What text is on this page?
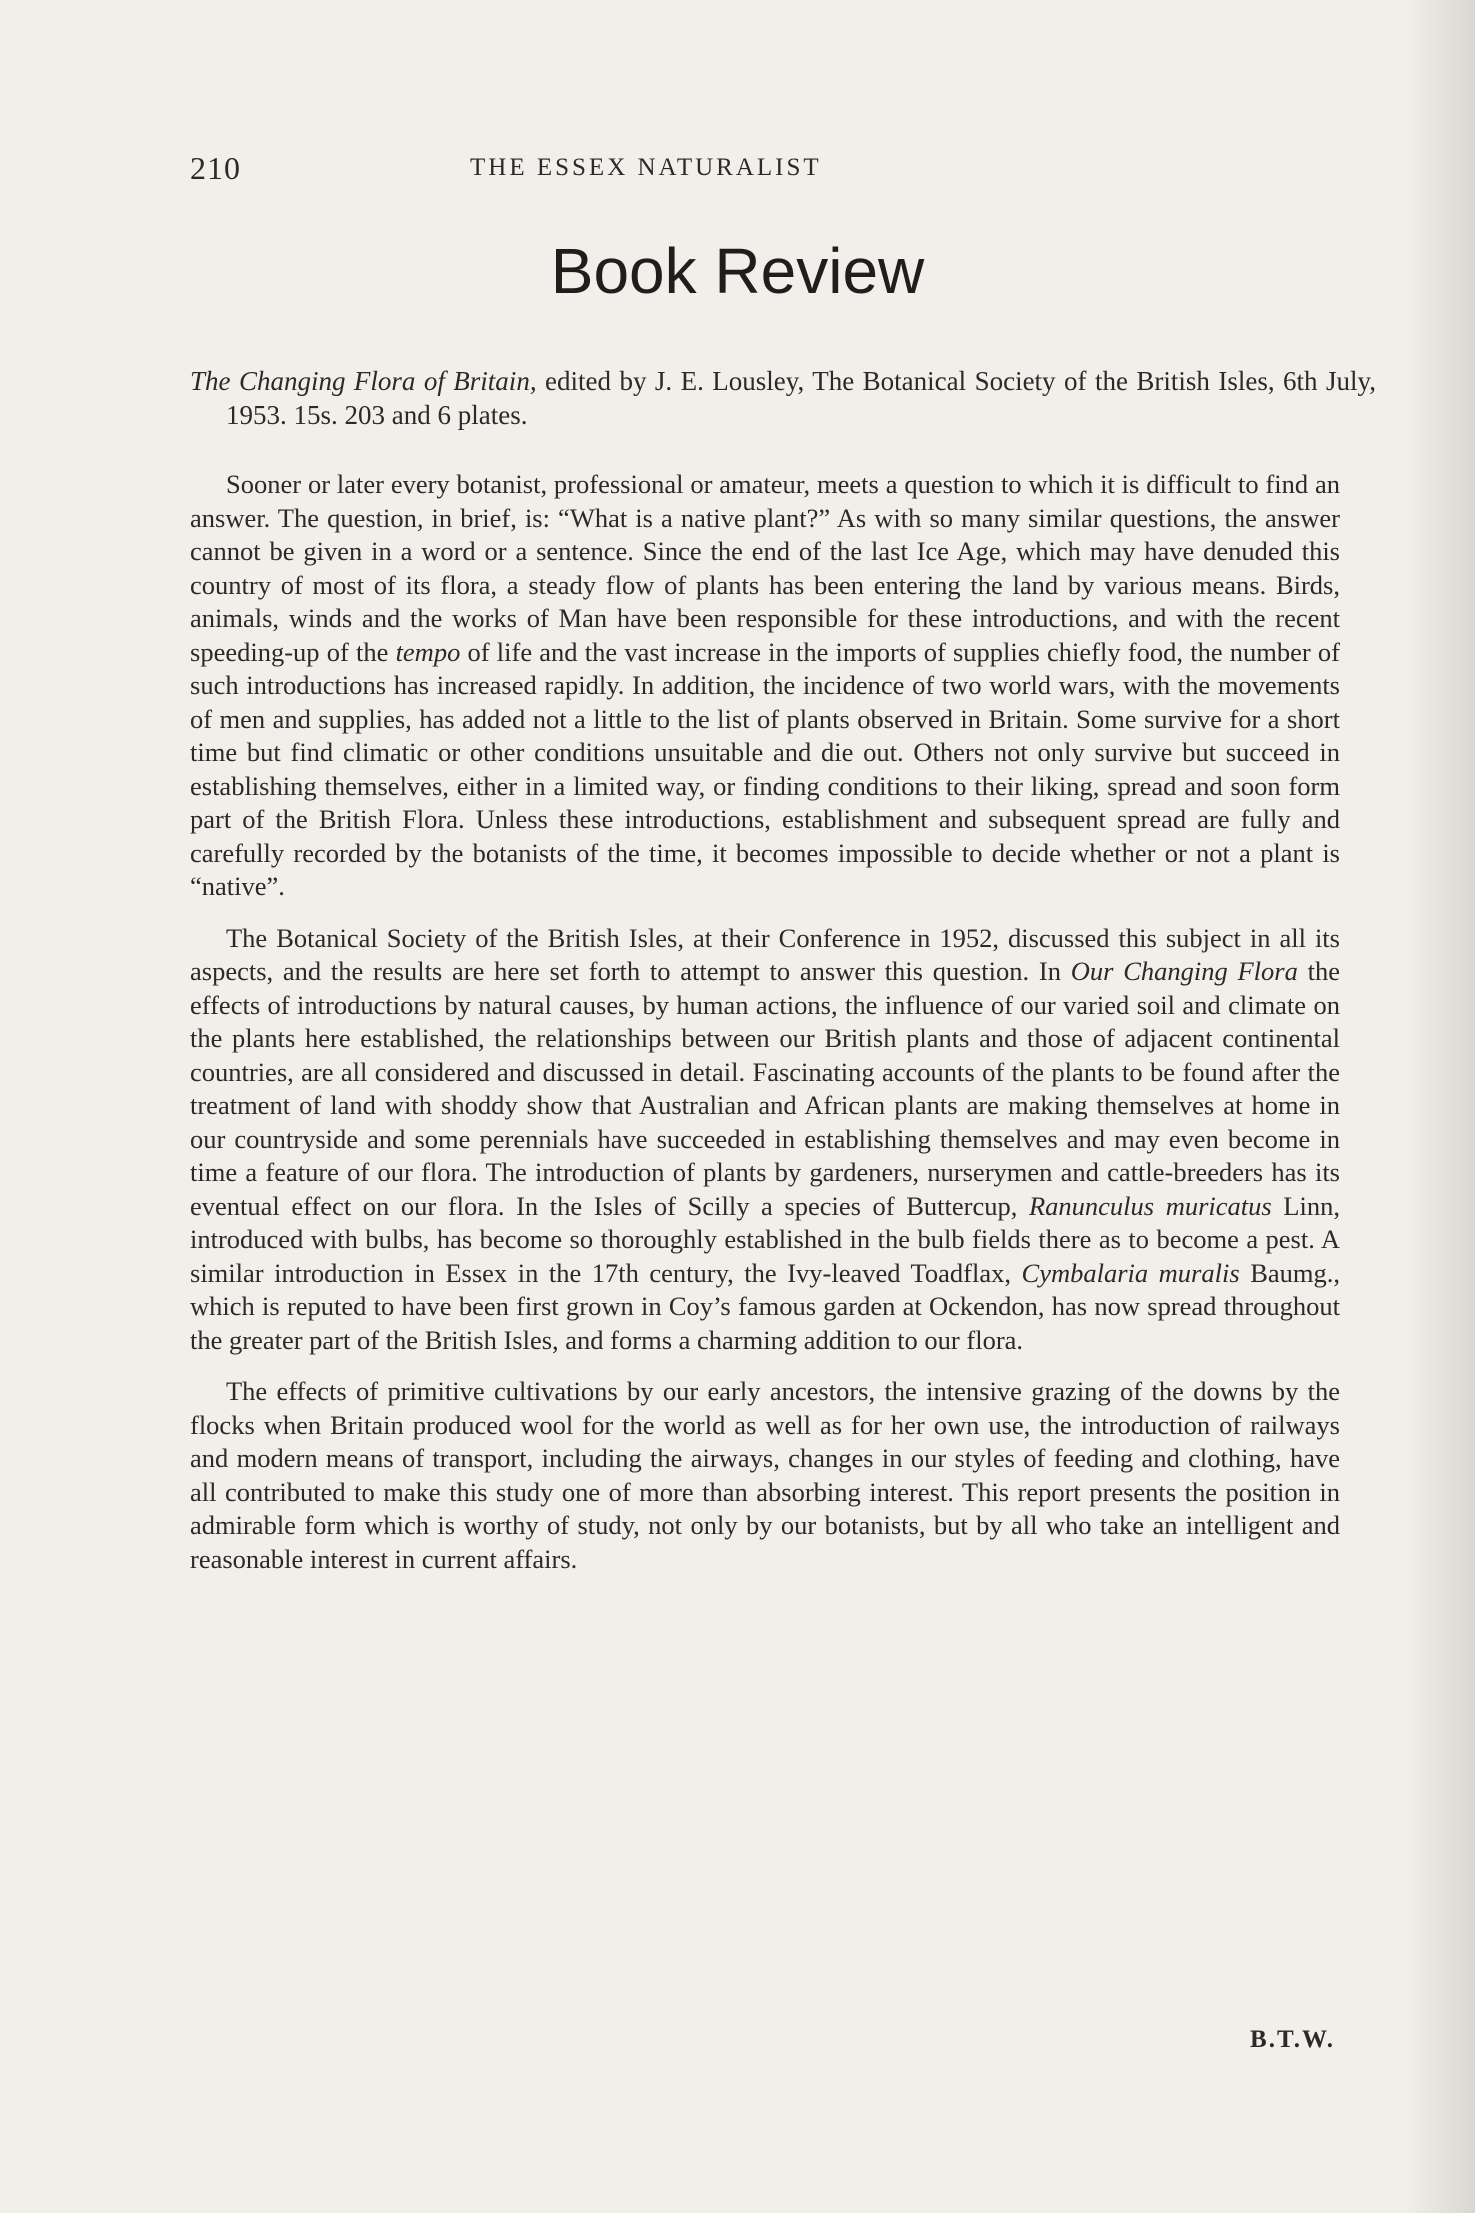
210	THE ESSEX NATURALIST
Book Review

The Changing Flora of Britain, edited by J. E. Lousley, The Botanical Society of the British Isles, 6th July, 1953. 15s. 203 and 6 plates.

Sooner or later every botanist, professional or amateur, meets a question to which it is difficult to find an answer. The question, in brief, is: “What is a native plant?” As with so many similar questions, the answer cannot be given in a word or a sentence. Since the end of the last Ice Age, which may have denuded this country of most of its flora, a steady flow of plants has been entering the land by various means. Birds, animals, winds and the works of Man have been responsible for these introductions, and with the recent speeding-up of the tempo of life and the vast increase in the imports of supplies chiefly food, the number of such introductions has increased rapidly. In addition, the incidence of two world wars, with the movements of men and supplies, has added not a little to the list of plants observed in Britain. Some survive for a short time but find climatic or other conditions unsuitable and die out. Others not only survive but succeed in establishing themselves, either in a limited way, or finding conditions to their liking, spread and soon form part of the British Flora. Unless these introductions, establishment and subsequent spread are fully and carefully recorded by the botanists of the time, it becomes impossible to decide whether or not a plant is “native”.

The Botanical Society of the British Isles, at their Conference in 1952, discussed this subject in all its aspects, and the results are here set forth to attempt to answer this question. In Our Changing Flora the effects of introductions by natural causes, by human actions, the influence of our varied soil and climate on the plants here established, the relationships between our British plants and those of adjacent continental countries, are all considered and discussed in detail. Fascinating accounts of the plants to be found after the treatment of land with shoddy show that Australian and African plants are making themselves at home in our countryside and some perennials have succeeded in establishing themselves and may even become in time a feature of our flora. The introduction of plants by gardeners, nurserymen and cattle-breeders has its eventual effect on our flora. In the Isles of Scilly a species of Buttercup, Ranunculus muricatus Linn, introduced with bulbs, has become so thoroughly established in the bulb fields there as to become a pest. A similar introduction in Essex in the 17th century, the Ivy-leaved Toadflax, Cymbalaria muralis Baumg., which is reputed to have been first grown in Coy’s famous garden at Ockendon, has now spread throughout the greater part of the British Isles, and forms a charming addition to our flora.

The effects of primitive cultivations by our early ancestors, the intensive grazing of the downs by the flocks when Britain produced wool for the world as well as for her own use, the introduction of railways and modern means of transport, including the airways, changes in our styles of feeding and clothing, have all contributed to make this study one of more than absorbing interest. This report presents the position in admirable form which is worthy of study, not only by our botanists, but by all who take an intelligent and reasonable interest in current affairs.

B.T.W.
